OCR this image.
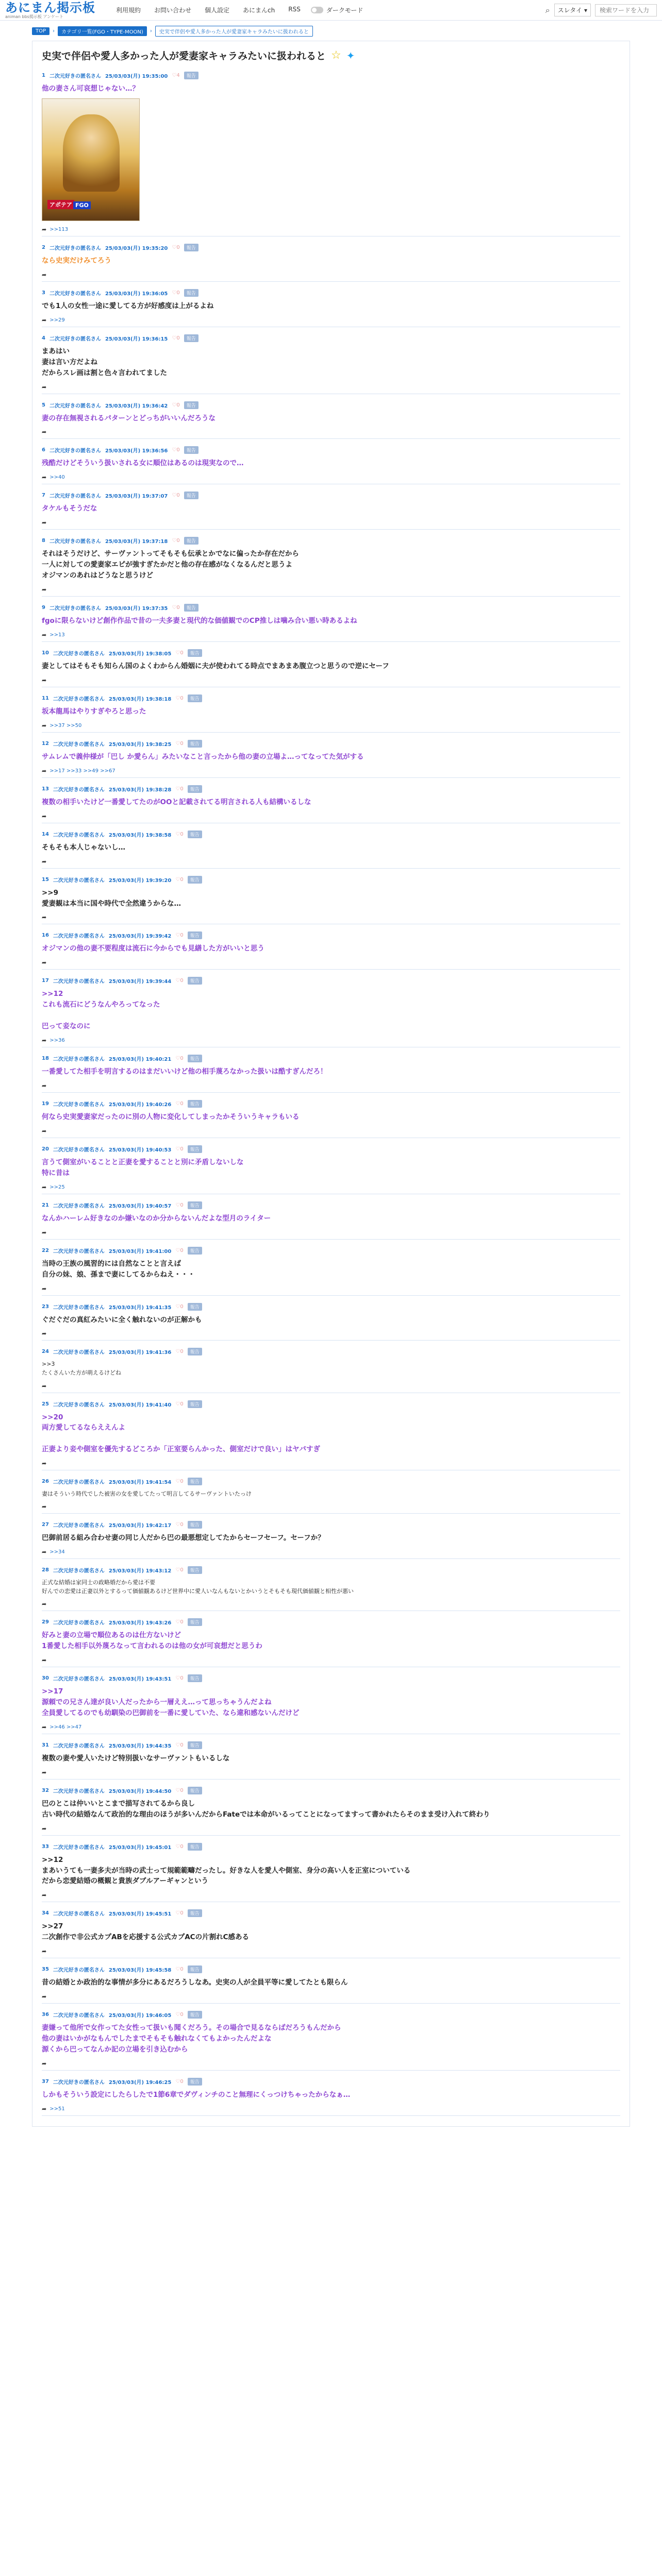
あにまん掲示板
animan bbs掲示板 アンケート
利用規約 お問い合わせ 個人設定 あにまんch RSS	ダークモード	⌕ スレタイ ▾
検索ワードを入力
TOP	›	カテゴリ一覧(FGO・TYPE-MOON)	›	史実で伴侶や愛人多かった人が愛妻家キャラみたいに扱われると
史実で伴侶や愛人多かった人が愛妻家キャラみたいに扱われると ☆ ✦
1 二次元好きの匿名さん 25/03/03(月) 19:35:00 ♡4	報告
他の妻さん可哀想じゃない…？
アポテア FGO
➦ >>113
2 二次元好きの匿名さん 25/03/03(月) 19:35:20 ♡0	報告
なら史実だけみてろう
➦
3 二次元好きの匿名さん 25/03/03(月) 19:36:05 ♡0	報告
でも1人の女性一途に愛してる方が好感度は上がるよね
➦ >>29
4 二次元好きの匿名さん 25/03/03(月) 19:36:15 ♡0	報告
まあはい
妻は言い方だよね
だからスレ画は割と色々言われてました
➦
5 二次元好きの匿名さん 25/03/03(月) 19:36:42 ♡0	報告
妻の存在無視されるパターンとどっちがいいんだろうな
➦
6 二次元好きの匿名さん 25/03/03(月) 19:36:56 ♡0	報告
残酷だけどそういう扱いされる女に順位はあるのは現実なので…
➦ >>40
7 二次元好きの匿名さん 25/03/03(月) 19:37:07 ♡0	報告
タケルもそうだな
➦
8 二次元好きの匿名さん 25/03/03(月) 19:37:18 ♡0	報告
それはそうだけど、サーヴァントってそもそも伝承とかでなに偏ったか存在だから
一人に対しての愛妻家エピが強すぎたかだと他の存在感がなくなるんだと思うよ
オジマンのあれはどうなと思うけど
➦
9 二次元好きの匿名さん 25/03/03(月) 19:37:35 ♡0	報告
fgoに限らないけど創作作品で昔の一夫多妻と現代的な価値観でのCP推しは噛み合い悪い時あるよね
➦ >>13
10 二次元好きの匿名さん 25/03/03(月) 19:38:05 ♡0	報告
妻としてはそもそも知らん国のよくわからん婚姻に夫が使われてる時点でまあまあ腹立つと思うので逆にセーフ
➦
11 二次元好きの匿名さん 25/03/03(月) 19:38:18 ♡0	報告
坂本龍馬はやりすぎやろと思った
➦ >>37 >>50
12 二次元好きの匿名さん 25/03/03(月) 19:38:25 ♡0	報告
サムレムで義仲様が「巴し か愛らん」みたいなこと言ったから他の妻の立場よ…ってなってた気がする
➦ >>17 >>33 >>49 >>67
13 二次元好きの匿名さん 25/03/03(月) 19:38:28 ♡0	報告
複数の相手いたけど一番愛してたのがOOと記載されてる明言される人も結構いるしな
➦
14 二次元好きの匿名さん 25/03/03(月) 19:38:58 ♡0	報告
そもそも本人じゃないし…
➦
15 二次元好きの匿名さん 25/03/03(月) 19:39:20 ♡0	報告
>>9
愛妻観は本当に国や時代で全然違うからな…
➦
16 二次元好きの匿名さん 25/03/03(月) 19:39:42 ♡0	報告
オジマンの他の妻不要程度は流石に今からでも見繕した方がいいと思う
➦
17 二次元好きの匿名さん 25/03/03(月) 19:39:44 ♡0	報告
>>12
これも流石にどうなんやろってなった

巴って妾なのに
➦ >>36
18 二次元好きの匿名さん 25/03/03(月) 19:40:21 ♡0	報告
一番愛してた相手を明言するのはまだいいけど他の相手蔑ろなかった扱いは酷すぎんだろ！
➦
19 二次元好きの匿名さん 25/03/03(月) 19:40:26 ♡0	報告
何なら史実愛妻家だったのに別の人物に変化してしまったかそういうキャラもいる
➦
20 二次元好きの匿名さん 25/03/03(月) 19:40:53 ♡0	報告
言うて側室がいることと正妻を愛することと別に矛盾しないしな
特に昔は
➦ >>25
21 二次元好きの匿名さん 25/03/03(月) 19:40:57 ♡0	報告
なんかハーレム好きなのか嫌いなのか分からないんだよな型月のライター
➦
22 二次元好きの匿名さん 25/03/03(月) 19:41:00 ♡0	報告
当時の王族の風習的には自然なことと言えば
自分の妹、娘、孫まで妻にしてるからねえ・・・
➦
23 二次元好きの匿名さん 25/03/03(月) 19:41:35 ♡0	報告
ぐだぐだの真紅みたいに全く触れないのが正解かも
➦
24 二次元好きの匿名さん 25/03/03(月) 19:41:36 ♡0	報告
>>3
たくさんいた方が萌えるけどね
➦
25 二次元好きの匿名さん 25/03/03(月) 19:41:40 ♡0	報告
>>20
両方愛してるならええんよ

正妻より妾や側室を優先するどころか「正室要らんかった、側室だけで良い」はヤバすぎ
➦
26 二次元好きの匿名さん 25/03/03(月) 19:41:54 ♡0	報告
妻はそういう時代でした被害の女を愛してたって明言してるサーヴァントいたっけ
➦
27 二次元好きの匿名さん 25/03/03(月) 19:42:17 ♡0	報告
巴御前居る組み合わせ妻の同じ人だから巴の最悪想定してたからセーフセーフ。セーフか？
➦ >>34
28 二次元好きの匿名さん 25/03/03(月) 19:43:12 ♡0	報告
正式な結婚は家同士の政略婚だから愛は不要
好んでの恋愛は正妻以外とするって価値観あるけど世界中に愛人いなんもないとかいうとそもそも現代価値観と相性が悪い
➦
29 二次元好きの匿名さん 25/03/03(月) 19:43:26 ♡0	報告
好みと妻の立場で順位あるのは仕方ないけど
1番愛した相手以外蔑ろなって言われるのは他の女が可哀想だと思うわ
➦
30 二次元好きの匿名さん 25/03/03(月) 19:43:51 ♡0	報告
>>17
源頼での兄さん達が良い人だったから一層ええ…って思っちゃうんだよね
全員愛してるのでも幼馴染の巴御前を一番に愛していた、なら違和感ないんだけど
➦ >>46 >>47
31 二次元好きの匿名さん 25/03/03(月) 19:44:35 ♡0	報告
複数の妻や愛人いたけど特別扱いなサーヴァントもいるしな
➦
32 二次元好きの匿名さん 25/03/03(月) 19:44:50 ♡0	報告
巴のとこは仲いいとこまで描写されてるから良し
古い時代の結婚なんて政治的な理由のほうが多いんだからFateでは本命がいるってことになってますって書かれたらそのまま受け入れて終わり
➦
33 二次元好きの匿名さん 25/03/03(月) 19:45:01 ♡0	報告
>>12
まあいうても一妻多夫が当時の武士って規範範疇だったし。好きな人を愛人や側室、身分の高い人を正室についている
だから恋愛結婚の概観と貴族ダブルアーギャンという
➦
34 二次元好きの匿名さん 25/03/03(月) 19:45:51 ♡0	報告
>>27
二次創作で非公式カプABを応援する公式カプACの片割れC感ある
➦
35 二次元好きの匿名さん 25/03/03(月) 19:45:58 ♡0	報告
昔の結婚とか政治的な事情が多分にあるだろうしなあ。史実の人が全員平等に愛してたとも限らん
➦
36 二次元好きの匿名さん 25/03/03(月) 19:46:05 ♡0	報告
妻嫌って他所で女作ってた女性って扱いも聞くだろう。その場合で見るならばだろうもんだから
他の妻はいかがなもんでしたまでそもそも触れなくてもよかったんだよな
源くから巴ってなんか記の立場を引き込むから
➦
37 二次元好きの匿名さん 25/03/03(月) 19:46:25 ♡0	報告
しかもそういう設定にしたらしたで1節6章でダヴィンチのこと無理にくっつけちゃったからなぁ…
➦ >>51
